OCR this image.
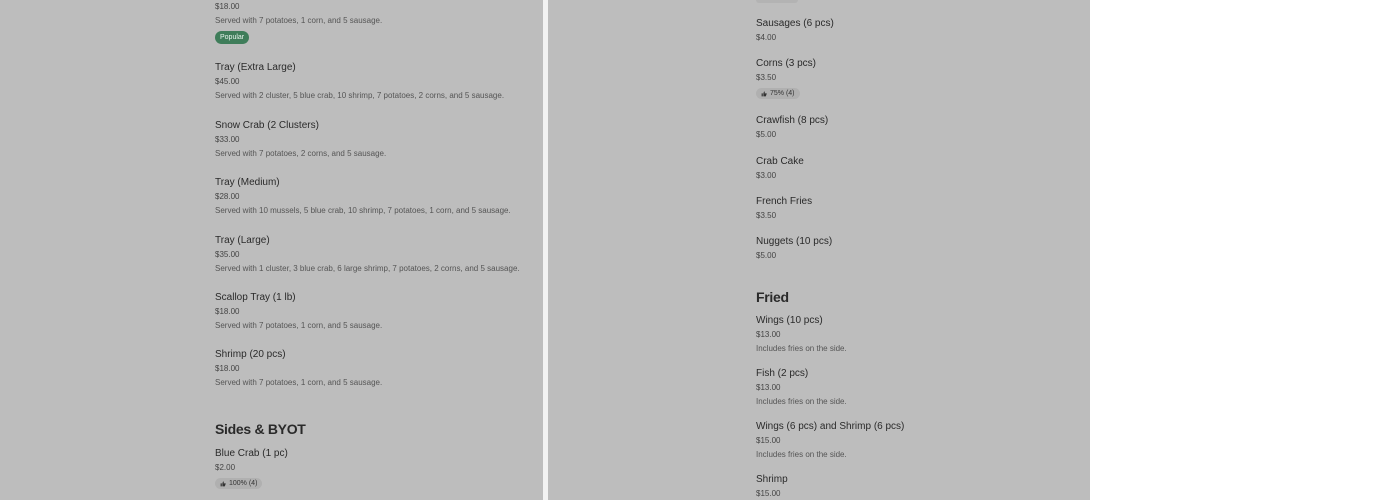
$18.00
Served with 7 potatoes, 1 corn, and 5 sausage.
Popular
Tray (Extra Large)
$45.00
Served with 2 cluster, 5 blue crab, 10 shrimp, 7 potatoes, 2 corns, and 5 sausage.
Snow Crab (2 Clusters)
$33.00
Served with 7 potatoes, 2 corns, and 5 sausage.
Tray (Medium)
$28.00
Served with 10 mussels, 5 blue crab, 10 shrimp, 7 potatoes, 1 corn, and 5 sausage.
Tray (Large)
$35.00
Served with 1 cluster, 3 blue crab, 6 large shrimp, 7 potatoes, 2 corns, and 5 sausage.
Scallop Tray (1 lb)
$18.00
Served with 7 potatoes, 1 corn, and 5 sausage.
Shrimp (20 pcs)
$18.00
Served with 7 potatoes, 1 corn, and 5 sausage.
Sides & BYOT
Blue Crab (1 pc)
$2.00
100% (4)
Sausages (6 pcs)
$4.00
Corns (3 pcs)
$3.50
75% (4)
Crawfish (8 pcs)
$5.00
Crab Cake
$3.00
French Fries
$3.50
Nuggets (10 pcs)
$5.00
Fried
Wings (10 pcs)
$13.00
Includes fries on the side.
Fish (2 pcs)
$13.00
Includes fries on the side.
Wings (6 pcs) and Shrimp (6 pcs)
$15.00
Includes fries on the side.
Shrimp
$15.00
